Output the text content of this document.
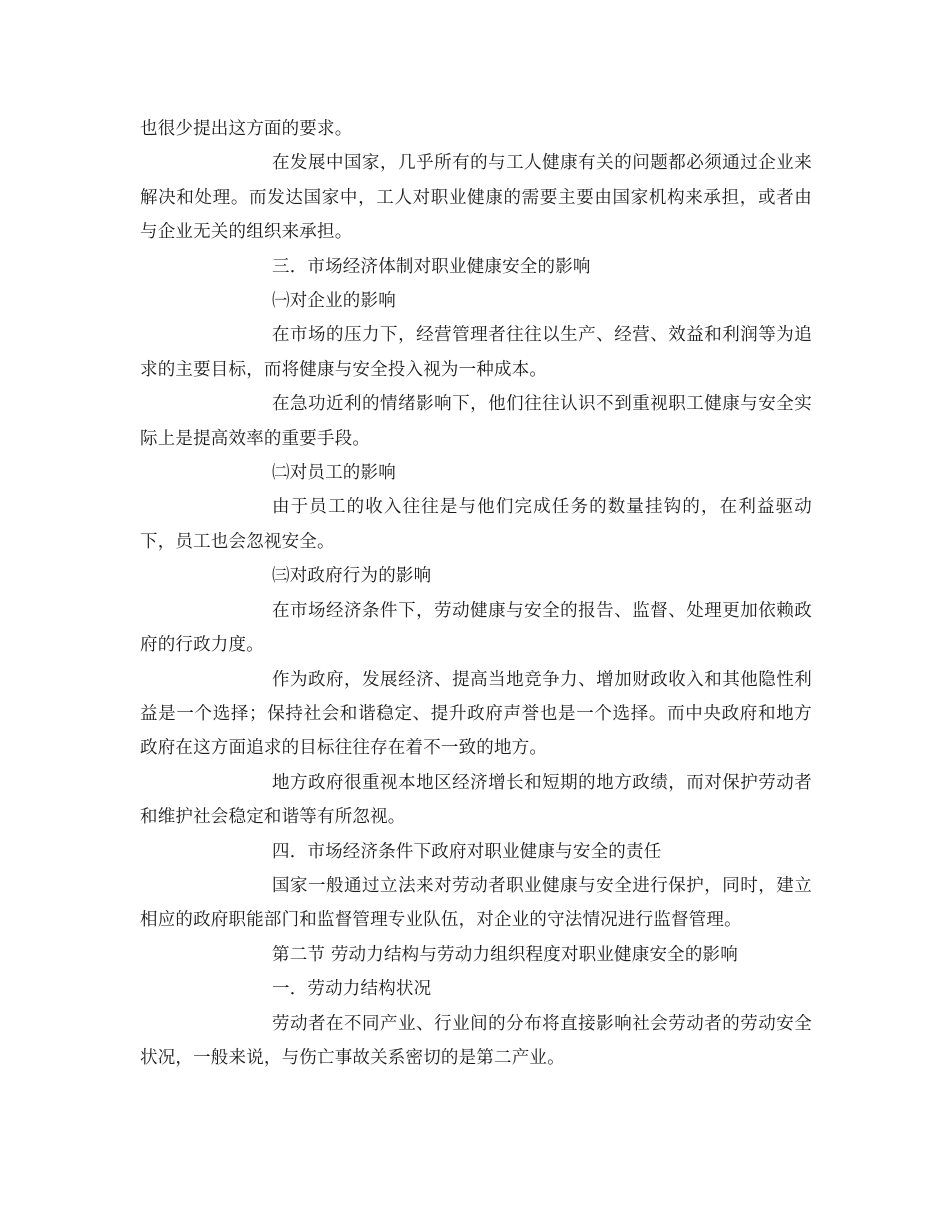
也很少提出这方面的要求。

在发展中国家，几乎所有的与工人健康有关的问题都必须通过企业来解决和处理。而发达国家中，工人对职业健康的需要主要由国家机构来承担，或者由与企业无关的组织来承担。

三．市场经济体制对职业健康安全的影响

㈠对企业的影响

在市场的压力下，经营管理者往往以生产、经营、效益和利润等为追求的主要目标，而将健康与安全投入视为一种成本。

在急功近利的情绪影响下，他们往往认识不到重视职工健康与安全实际上是提高效率的重要手段。

㈡对员工的影响

由于员工的收入往往是与他们完成任务的数量挂钩的，在利益驱动下，员工也会忽视安全。

㈢对政府行为的影响

在市场经济条件下，劳动健康与安全的报告、监督、处理更加依赖政府的行政力度。

作为政府，发展经济、提高当地竞争力、增加财政收入和其他隐性利益是一个选择；保持社会和谐稳定、提升政府声誉也是一个选择。而中央政府和地方政府在这方面追求的目标往往存在着不一致的地方。

地方政府很重视本地区经济增长和短期的地方政绩，而对保护劳动者和维护社会稳定和谐等有所忽视。

四．市场经济条件下政府对职业健康与安全的责任

国家一般通过立法来对劳动者职业健康与安全进行保护，同时，建立相应的政府职能部门和监督管理专业队伍，对企业的守法情况进行监督管理。

第二节 劳动力结构与劳动力组织程度对职业健康安全的影响

一．劳动力结构状况

劳动者在不同产业、行业间的分布将直接影响社会劳动者的劳动安全状况，一般来说，与伤亡事故关系密切的是第二产业。
